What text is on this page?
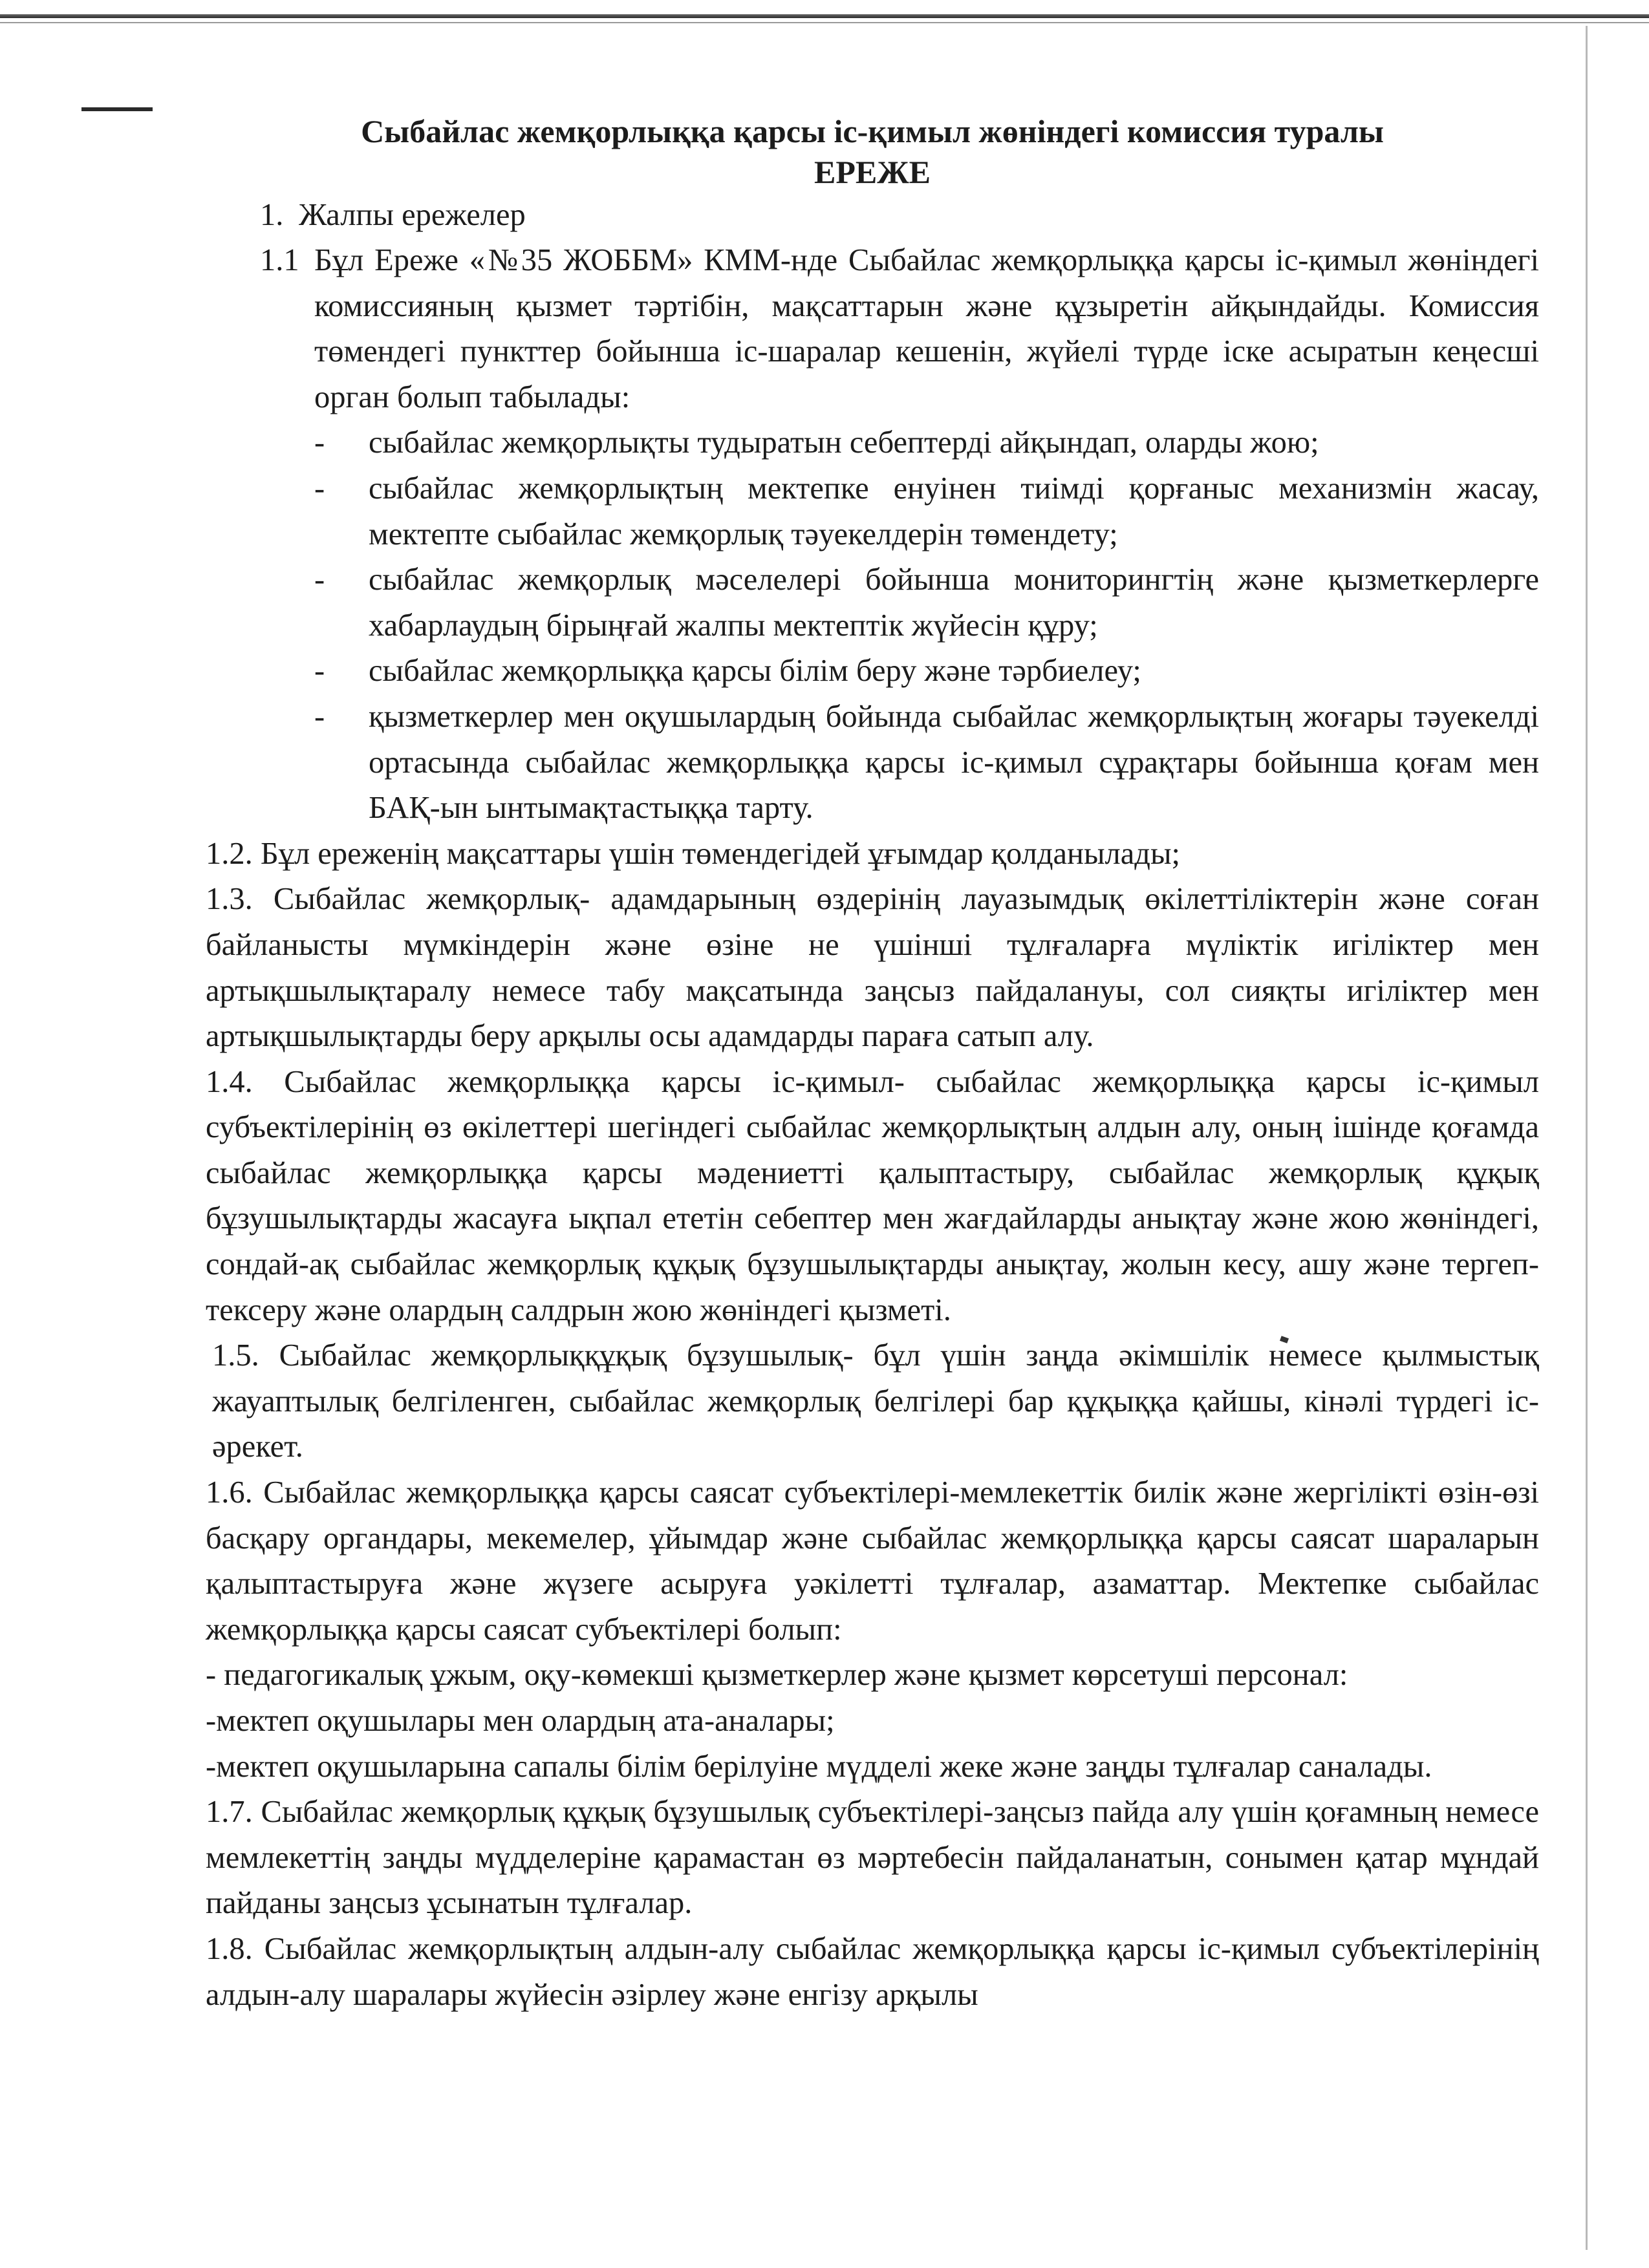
Сыбайлас жемқорлыққа қарсы іс-қимыл жөніндегі комиссия туралы
ЕРЕЖЕ
1. Жалпы ережелер
1.1 Бұл Ереже «№35 ЖОББМ» КММ-нде Сыбайлас жемқорлыққа қарсы іс-қимыл жөніндегі комиссияның қызмет тәртібін, мақсаттарын және құзыретін айқындайды. Комиссия төмендегі пункттер бойынша іс-шаралар кешенін, жүйелі түрде іске асыратын кеңесші орган болып табылады:
-	сыбайлас жемқорлықты тудыратын себептерді айқындап, оларды жою;
-	сыбайлас жемқорлықтың мектепке енуінен тиімді қорғаныс механизмін жасау, мектепте сыбайлас жемқорлық тәуекелдерін төмендету;
-	сыбайлас жемқорлық мәселелері бойынша мониторингтің және қызметкерлерге хабарлаудың бірыңғай жалпы мектептік жүйесін құру;
-	сыбайлас жемқорлыққа қарсы білім беру және тәрбиелеу;
-	қызметкерлер мен оқушылардың бойында сыбайлас жемқорлықтың жоғары тәуекелді ортасында сыбайлас жемқорлыққа қарсы іс-қимыл сұрақтары бойынша қоғам мен БАҚ-ын ынтымақтастыққа тарту.
1.2. Бұл ереженің мақсаттары үшін төмендегідей ұғымдар қолданылады;
1.3. Сыбайлас жемқорлық- адамдарының өздерінің лауазымдық өкілеттіліктерін және соған байланысты мүмкіндерін және өзіне не үшінші тұлғаларға мүліктік игіліктер мен артықшылықтаралу немесе табу мақсатында заңсыз пайдалануы, сол сияқты игіліктер мен артықшылықтарды беру арқылы осы адамдарды параға сатып алу.
1.4. Сыбайлас жемқорлыққа қарсы іс-қимыл- сыбайлас жемқорлыққа қарсы іс-қимыл субъектілерінің өз өкілеттері шегіндегі сыбайлас жемқорлықтың алдын алу, оның ішінде қоғамда сыбайлас жемқорлыққа қарсы мәдениетті қалыптастыру, сыбайлас жемқорлық құқық бұзушылықтарды жасауға ықпал ететін себептер мен жағдайларды анықтау және жою жөніндегі, сондай-ақ сыбайлас жемқорлық құқық бұзушылықтарды анықтау, жолын кесу, ашу және тергеп-тексеру және олардың салдрын жою жөніндегі қызметі.
1.5. Сыбайлас жемқорлыққұқық бұзушылық- бұл үшін заңда әкімшілік немесе қылмыстық жауаптылық белгіленген, сыбайлас жемқорлық белгілері бар құқыққа қайшы, кінәлі түрдегі іс-әрекет.
1.6. Сыбайлас жемқорлыққа қарсы саясат субъектілері-мемлекеттік билік және жергілікті өзін-өзі басқару органдары, мекемелер, ұйымдар және сыбайлас жемқорлыққа қарсы саясат шараларын қалыптастыруға және жүзеге асыруға уәкілетті тұлғалар, азаматтар. Мектепке сыбайлас жемқорлыққа қарсы саясат субъектілері болып:
- педагогикалық ұжым, оқу-көмекші қызметкерлер және қызмет көрсетуші персонал:
-мектеп оқушылары мен олардың ата-аналары;
-мектеп оқушыларына сапалы білім берілуіне мүдделі жеке және заңды тұлғалар саналады.
1.7. Сыбайлас жемқорлық құқық бұзушылық субъектілері-заңсыз пайда алу үшін қоғамның немесе мемлекеттің заңды мүдделеріне қарамастан өз мәртебесін пайдаланатын, сонымен қатар мұндай пайданы заңсыз ұсынатын тұлғалар.
1.8. Сыбайлас жемқорлықтың алдын-алу сыбайлас жемқорлыққа қарсы іс-қимыл субъектілерінің алдын-алу шаралары жүйесін әзірлеу және енгізу арқылы
